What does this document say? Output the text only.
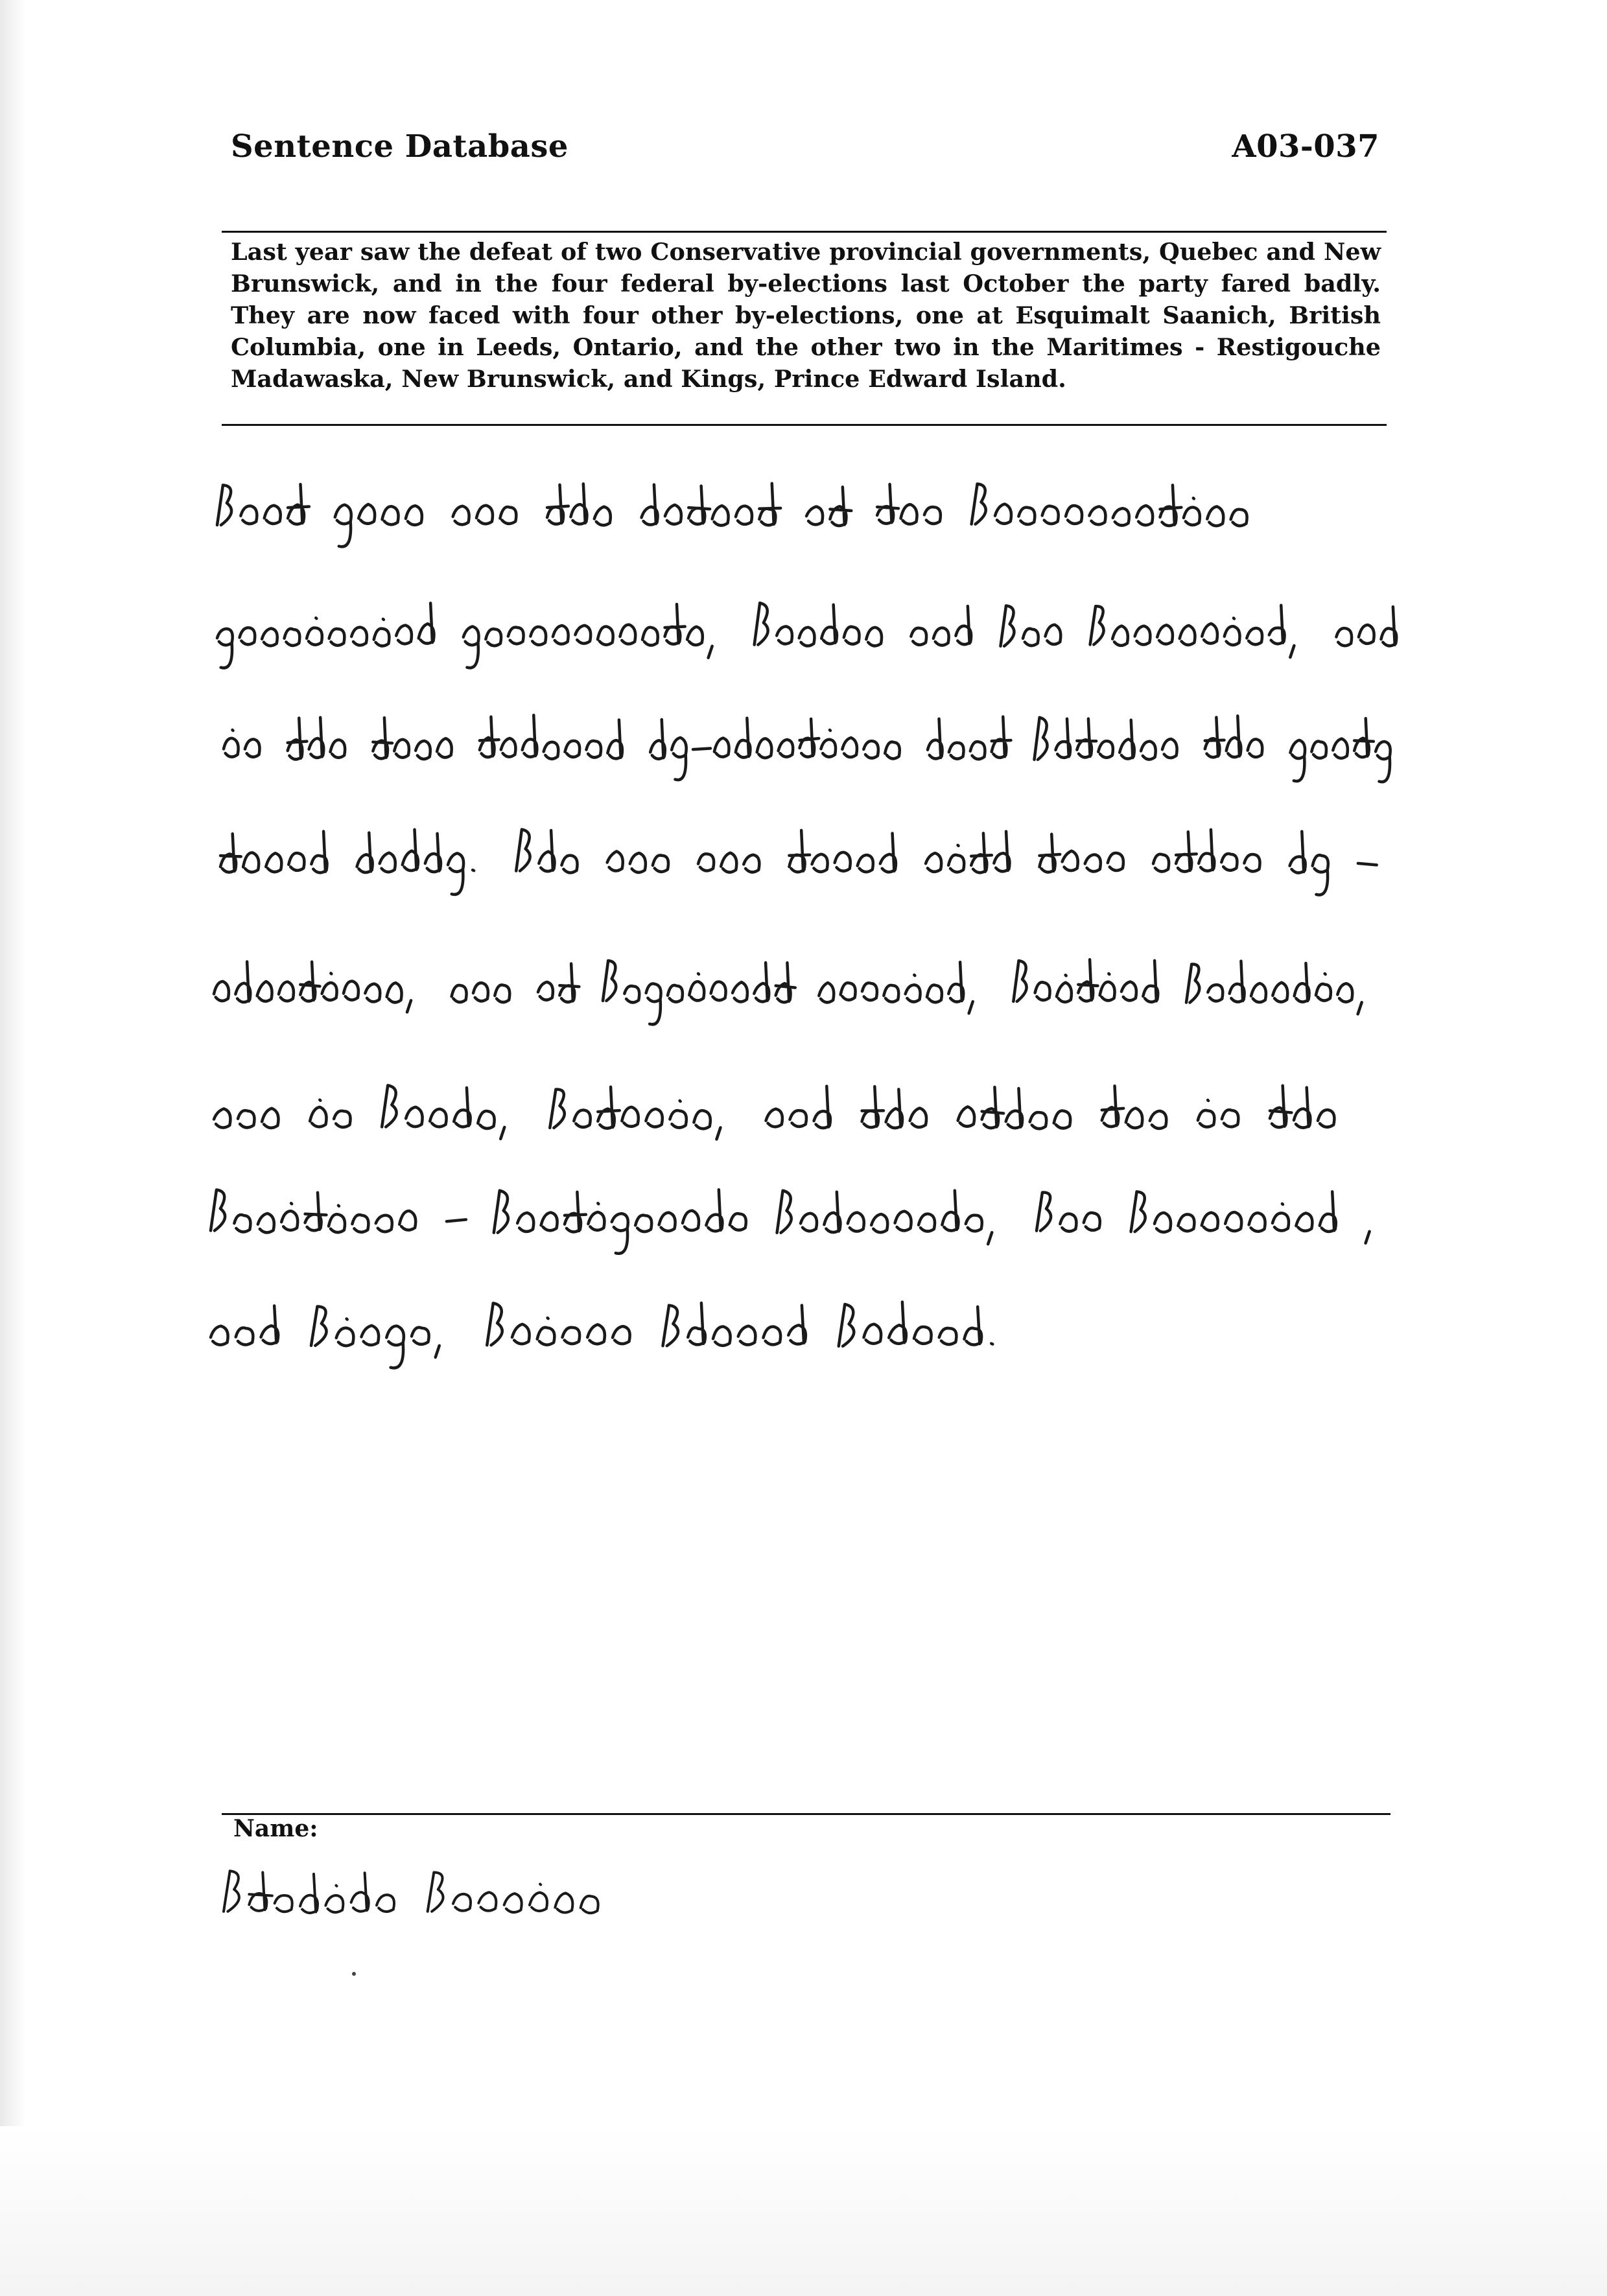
Sentence Database	A03-037
Last year saw the defeat of two Conservative provincial governments, Quebec and New Brunswick, and in the four federal by-elections last October the party fared badly. They are now faced with four other by-elections, one at Esquimalt Saanich, British Columbia, one in Leeds, Ontario, and the other two in the Maritimes - Restigouche Madawaska, New Brunswick, and Kings, Prince Edward Island.
Name:
